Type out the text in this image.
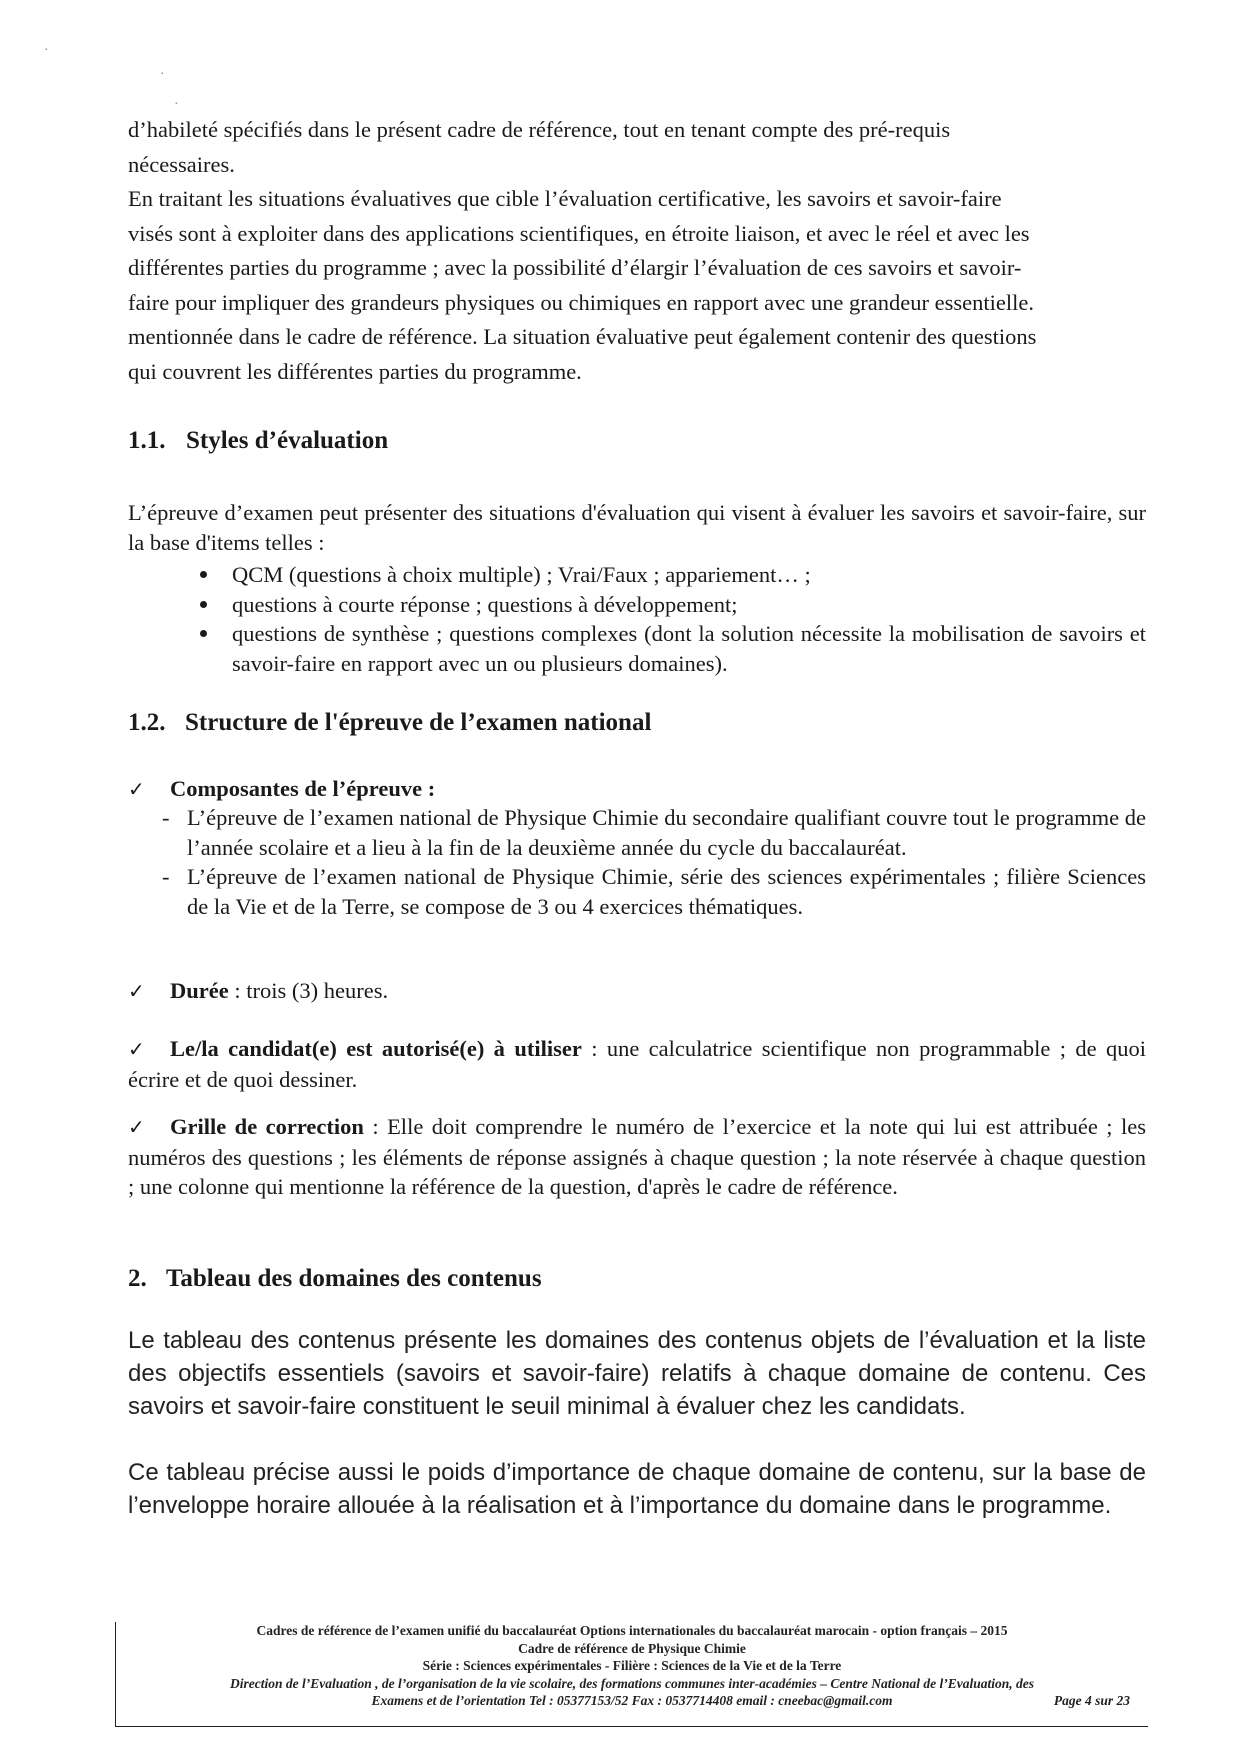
·
·
·
d’habileté spécifiés dans le présent cadre de référence, tout en tenant compte des pré-requis
nécessaires.
En traitant les situations évaluatives que cible l’évaluation certificative, les savoirs et savoir-faire
visés sont à exploiter dans des applications scientifiques, en étroite liaison, et avec le réel et avec les
différentes parties du programme ; avec la possibilité d’élargir l’évaluation de ces savoirs et savoir-
faire pour impliquer des grandeurs physiques ou chimiques en rapport avec une grandeur essentielle.
mentionnée dans le cadre de référence. La situation évaluative peut également contenir des questions
qui couvrent les différentes parties du programme.
1.1. Styles d’évaluation
L’épreuve d’examen peut présenter des situations d'évaluation qui visent à évaluer les savoirs et savoir-faire, sur la base d'items telles :
QCM (questions à choix multiple) ; Vrai/Faux ; appariement… ;
questions à courte réponse ; questions à développement;
questions de synthèse ; questions complexes (dont la solution nécessite la mobilisation de savoirs et savoir-faire en rapport avec un ou plusieurs domaines).
1.2. Structure de l'épreuve de l’examen national
✓ Composantes de l’épreuve :
- L’épreuve de l’examen national de Physique Chimie du secondaire qualifiant couvre tout le programme de l’année scolaire et a lieu à la fin de la deuxième année du cycle du baccalauréat.
- L’épreuve de l’examen national de Physique Chimie, série des sciences expérimentales ; filière Sciences de la Vie et de la Terre, se compose de 3 ou 4 exercices thématiques.
✓ Durée : trois (3) heures.
✓ Le/la candidat(e) est autorisé(e) à utiliser : une calculatrice scientifique non programmable ; de quoi écrire et de quoi dessiner.
✓ Grille de correction : Elle doit comprendre le numéro de l’exercice et la note qui lui est attribuée ; les numéros des questions ; les éléments de réponse assignés à chaque question ; la note réservée à chaque question ; une colonne qui mentionne la référence de la question, d'après le cadre de référence.
2. Tableau des domaines des contenus
Le tableau des contenus présente les domaines des contenus objets de l’évaluation et la liste des objectifs essentiels (savoirs et savoir-faire) relatifs à chaque domaine de contenu. Ces savoirs et savoir-faire constituent le seuil minimal à évaluer chez les candidats.
Ce tableau précise aussi le poids d’importance de chaque domaine de contenu, sur la base de l’enveloppe horaire allouée à la réalisation et à l’importance du domaine dans le programme.
Cadres de référence de l’examen unifié du baccalauréat Options internationales du baccalauréat marocain - option français – 2015
Cadre de référence de Physique Chimie
Série : Sciences expérimentales - Filière : Sciences de la Vie et de la Terre
Direction de l’Evaluation , de l’organisation de la vie scolaire, des formations communes inter-académies – Centre National de l’Evaluation, des
Examens et de l’orientation Tel : 05377153/52 Fax : 0537714408 email : cneebac@gmail.com	Page 4 sur 23
